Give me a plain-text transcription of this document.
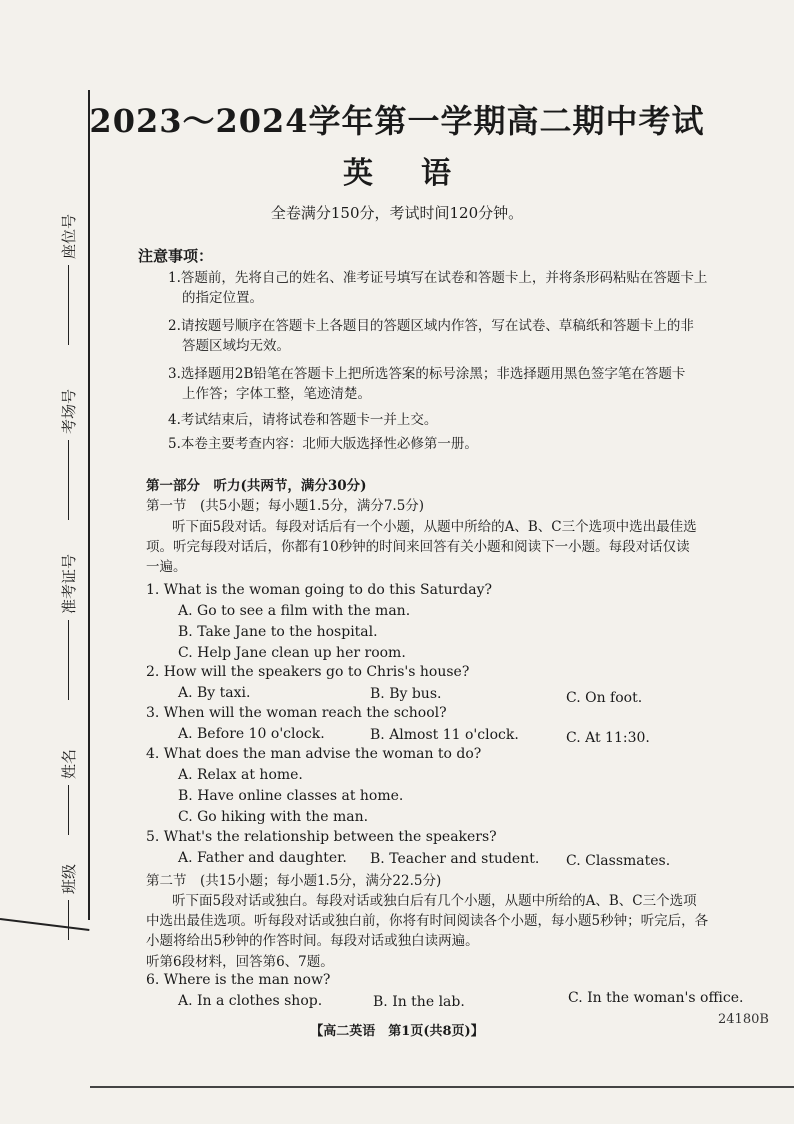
座位号
考场号
准考证号
姓名
班级
2023～2024学年第一学期高二期中考试
英语
全卷满分150分，考试时间120分钟。
注意事项：
1.答题前，先将自己的姓名、准考证号填写在试卷和答题卡上，并将条形码粘贴在答题卡上
的指定位置。
2.请按题号顺序在答题卡上各题目的答题区域内作答，写在试卷、草稿纸和答题卡上的非
答题区域均无效。
3.选择题用2B铅笔在答题卡上把所选答案的标号涂黑；非选择题用黑色签字笔在答题卡
上作答；字体工整，笔迹清楚。
4.考试结束后，请将试卷和答题卡一并上交。
5.本卷主要考查内容：北师大版选择性必修第一册。
第一部分　听力(共两节，满分30分)
第一节　(共5小题；每小题1.5分，满分7.5分)
听下面5段对话。每段对话后有一个小题，从题中所给的A、B、C三个选项中选出最佳选
项。听完每段对话后，你都有10秒钟的时间来回答有关小题和阅读下一小题。每段对话仅读
一遍。
1. What is the woman going to do this Saturday?
A. Go to see a film with the man.
B. Take Jane to the hospital.
C. Help Jane clean up her room.
2. How will the speakers go to Chris's house?
A. By taxi.	B. By bus.	C. On foot.
3. When will the woman reach the school?
A. Before 10 o'clock.	B. Almost 11 o'clock.	C. At 11:30.
4. What does the man advise the woman to do?
A. Relax at home.
B. Have online classes at home.
C. Go hiking with the man.
5. What's the relationship between the speakers?
A. Father and daughter. B. Teacher and student. C. Classmates.
第二节　(共15小题；每小题1.5分，满分22.5分)
听下面5段对话或独白。每段对话或独白后有几个小题，从题中所给的A、B、C三个选项
中选出最佳选项。听每段对话或独白前，你将有时间阅读各个小题，每小题5秒钟；听完后，各
小题将给出5秒钟的作答时间。每段对话或独白读两遍。
听第6段材料，回答第6、7题。
6. Where is the man now?
A. In a clothes shop.	B. In the lab.	C. In the woman's office.
【高二英语　第1页(共8页)】
24180B
